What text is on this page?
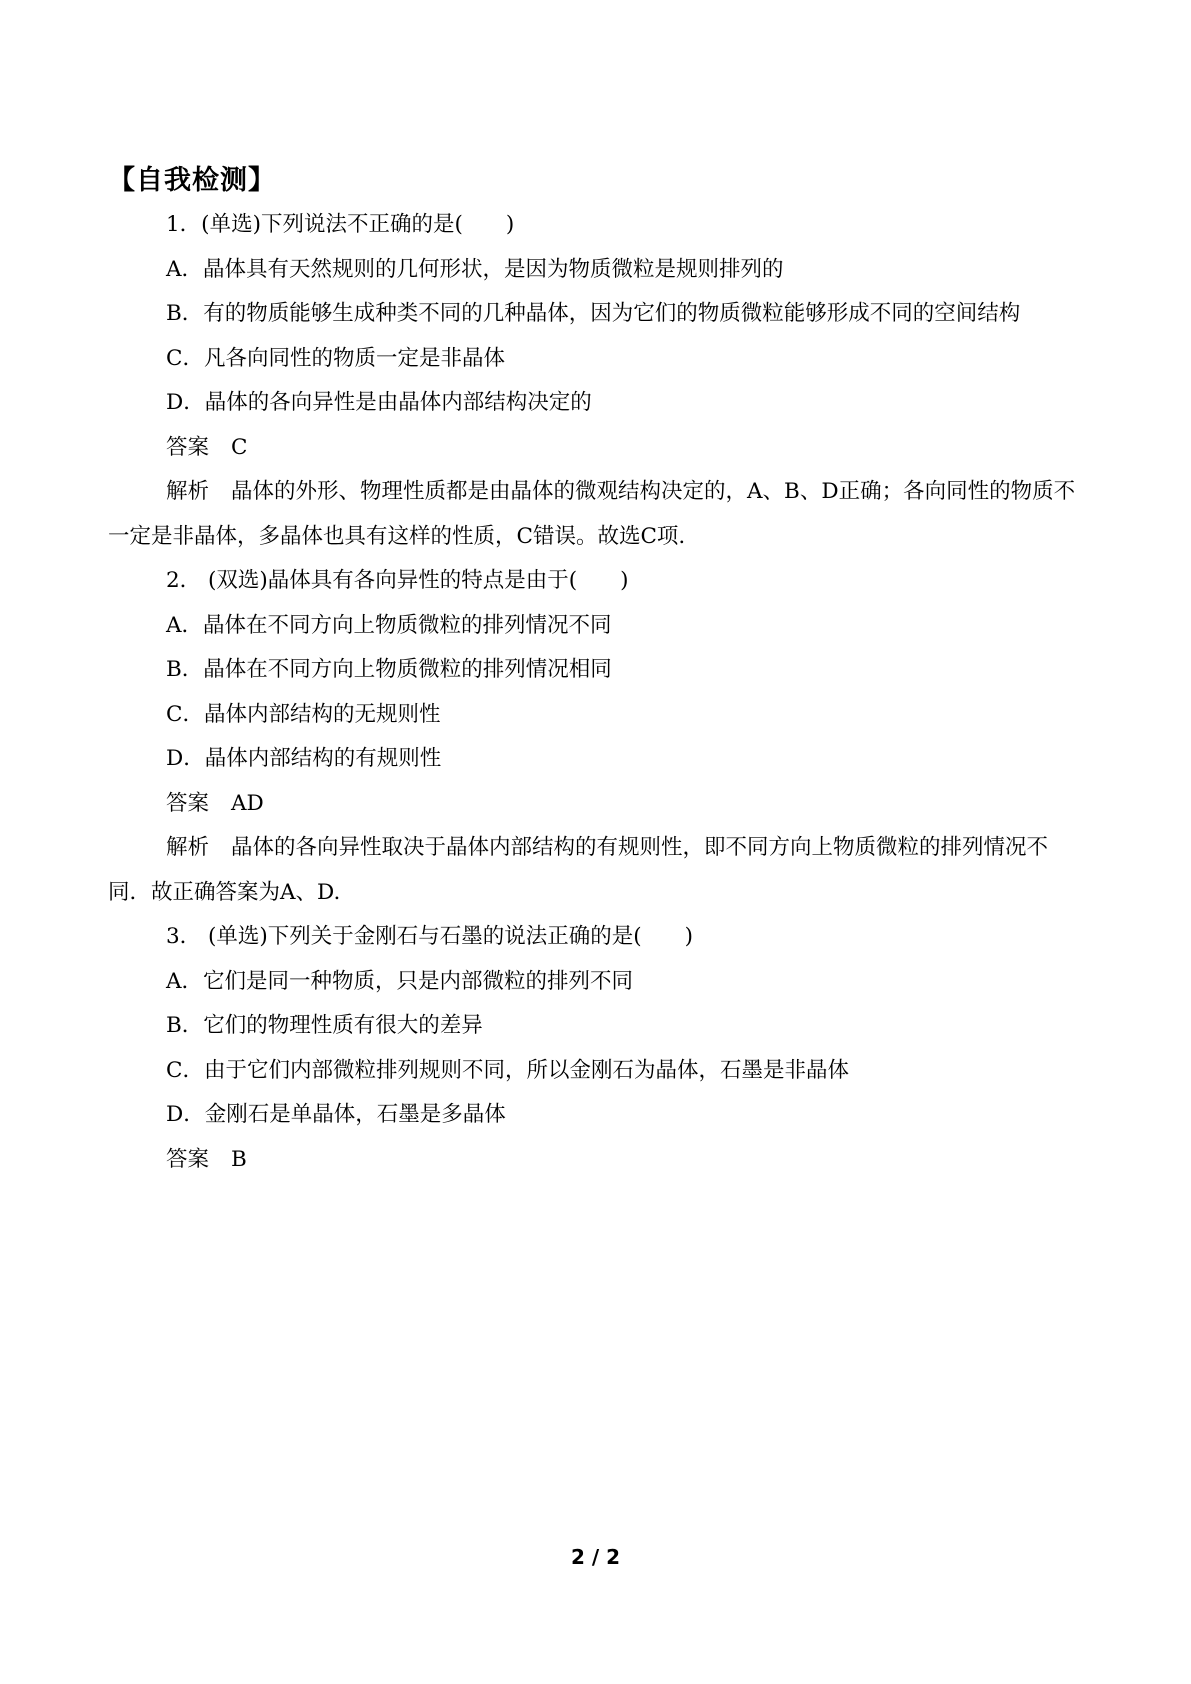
【自我检测】

1．(单选)下列说法不正确的是(　　)

A．晶体具有天然规则的几何形状，是因为物质微粒是规则排列的

B．有的物质能够生成种类不同的几种晶体，因为它们的物质微粒能够形成不同的空间结构

C．凡各向同性的物质一定是非晶体

D．晶体的各向异性是由晶体内部结构决定的

答案 C

解析 晶体的外形、物理性质都是由晶体的微观结构决定的，A、B、D正确；各向同性的物质不一定是非晶体，多晶体也具有这样的性质，C错误。故选C项.

2． (双选)晶体具有各向异性的特点是由于(　　)

A．晶体在不同方向上物质微粒的排列情况不同

B．晶体在不同方向上物质微粒的排列情况相同

C．晶体内部结构的无规则性

D．晶体内部结构的有规则性

答案 AD

解析 晶体的各向异性取决于晶体内部结构的有规则性，即不同方向上物质微粒的排列情况不同．故正确答案为A、D.

3． (单选)下列关于金刚石与石墨的说法正确的是(　　)

A．它们是同一种物质，只是内部微粒的排列不同

B．它们的物理性质有很大的差异

C．由于它们内部微粒排列规则不同，所以金刚石为晶体，石墨是非晶体

D．金刚石是单晶体，石墨是多晶体

答案 B

2 / 2
